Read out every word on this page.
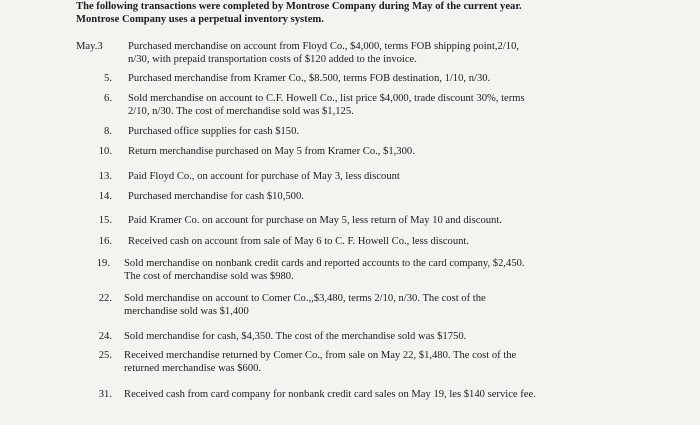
The following transactions were completed by Montrose Company during May of the current year.
Montrose Company uses a perpetual inventory system.
May.3	Purchased merchandise on account from Floyd Co., $4,000, terms FOB shipping point,2/10,
n/30, with prepaid transportation costs of $120 added to the invoice.
5. Purchased merchandise from Kramer Co., $8.500, terms FOB destination, 1/10, n/30.
6. Sold merchandise on account to C.F. Howell Co., list price $4,000, trade discount 30%, terms
2/10, n/30. The cost of merchandise sold was $1,125.
8. Purchased office supplies for cash $150.
10. Return merchandise purchased on May 5 from Kramer Co., $1,300.
13. Paid Floyd Co., on account for purchase of May 3, less discount
14. Purchased merchandise for cash $10,500.
15. Paid Kramer Co. on account for purchase on May 5, less return of May 10 and discount.
16. Received cash on account from sale of May 6 to C. F. Howell Co., less discount.
19. Sold merchandise on nonbank credit cards and reported accounts to the card company, $2,450.
The cost of merchandise sold was $980.
22. Sold merchandise on account to Comer Co.,,$3,480, terms 2/10, n/30. The cost of the
merchandise sold was $1,400
24. Sold merchandise for cash, $4,350. The cost of the merchandise sold was $1750.
25. Received merchandise returned by Comer Co., from sale on May 22, $1,480. The cost of the
returned merchandise was $600.
31. Received cash from card company for nonbank credit card sales on May 19, les $140 service fee.
